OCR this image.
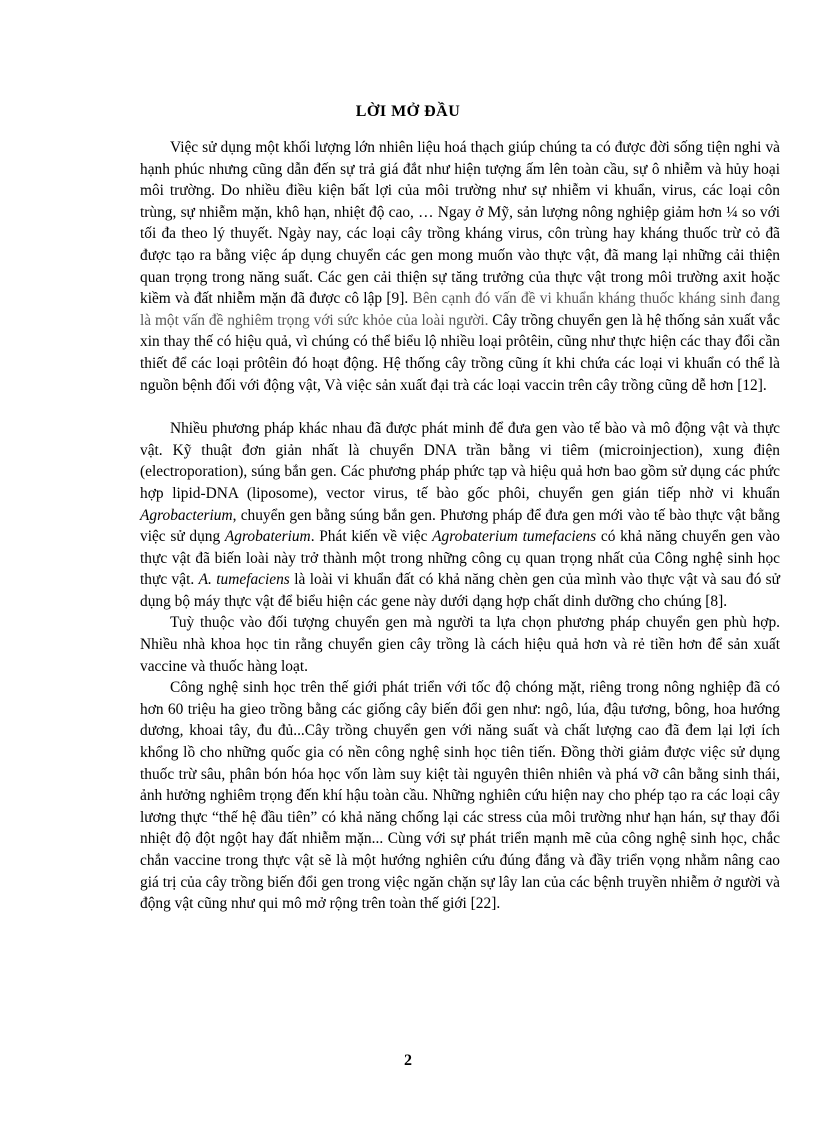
LỜI MỞ ĐẦU

Việc sử dụng một khối lượng lớn nhiên liệu hoá thạch giúp chúng ta có được đời sống tiện nghi và hạnh phúc nhưng cũng dẫn đến sự trả giá đắt như hiện tượng ấm lên toàn cầu, sự ô nhiễm và hủy hoại môi trường. Do nhiều điều kiện bất lợi của môi trường như sự nhiễm vi khuẩn, virus, các loại côn trùng, sự nhiễm mặn, khô hạn, nhiệt độ cao, … Ngay ở Mỹ, sản lượng nông nghiệp giảm hơn ¼ so với tối đa theo lý thuyết. Ngày nay, các loại cây trồng kháng virus, côn trùng hay kháng thuốc trừ cỏ đã được tạo ra bằng việc áp dụng chuyển các gen mong muốn vào thực vật, đã mang lại những cải thiện quan trọng trong năng suất. Các gen cải thiện sự tăng trưởng của thực vật trong môi trường axit hoặc kiềm và đất nhiễm mặn đã được cô lập [9]. Bên cạnh đó vấn đề vi khuẩn kháng thuốc kháng sinh đang là một vấn đề nghiêm trọng với sức khỏe của loài người. Cây trồng chuyển gen là hệ thống sản xuất vắc xin thay thế có hiệu quả, vì chúng có thể biểu lộ nhiều loại prôtêin, cũng như thực hiện các thay đổi cần thiết để các loại prôtêin đó hoạt động. Hệ thống cây trồng cũng ít khi chứa các loại vi khuẩn có thể là nguồn bệnh đối với động vật, Và việc sản xuất đại trà các loại vaccin trên cây trồng cũng dễ hơn [12].

Nhiều phương pháp khác nhau đã được phát minh để đưa gen vào tế bào và mô động vật và thực vật. Kỹ thuật đơn giản nhất là chuyển DNA trần bằng vi tiêm (microinjection), xung điện (electroporation), súng bắn gen. Các phương pháp phức tạp và hiệu quả hơn bao gồm sử dụng các phức hợp lipid-DNA (liposome), vector virus, tế bào gốc phôi, chuyển gen gián tiếp nhờ vi khuẩn Agrobacterium, chuyển gen bằng súng bắn gen. Phương pháp để đưa gen mới vào tế bào thực vật bằng việc sử dụng Agrobaterium. Phát kiến về việc Agrobaterium tumefaciens có khả năng chuyển gen vào thực vật đã biến loài này trở thành một trong những công cụ quan trọng nhất của Công nghệ sinh học thực vật. A. tumefaciens là loài vi khuẩn đất có khả năng chèn gen của mình vào thực vật và sau đó sử dụng bộ máy thực vật để biểu hiện các gene này dưới dạng hợp chất dinh dưỡng cho chúng [8].

Tuỳ thuộc vào đối tượng chuyển gen mà người ta lựa chọn phương pháp chuyển gen phù hợp. Nhiều nhà khoa học tin rằng chuyển gien cây trồng là cách hiệu quả hơn và rẻ tiền hơn để sản xuất vaccine và thuốc hàng loạt.

Công nghệ sinh học trên thế giới phát triển với tốc độ chóng mặt, riêng trong nông nghiệp đã có hơn 60 triệu ha gieo trồng bằng các giống cây biến đổi gen như: ngô, lúa, đậu tương, bông, hoa hướng dương, khoai tây, đu đủ...Cây trồng chuyển gen với năng suất và chất lượng cao đã đem lại lợi ích khổng lồ cho những quốc gia có nền công nghệ sinh học tiên tiến. Đồng thời giảm được việc sử dụng thuốc trừ sâu, phân bón hóa học vốn làm suy kiệt tài nguyên thiên nhiên và phá vỡ cân bằng sinh thái, ảnh hưởng nghiêm trọng đến khí hậu toàn cầu. Những nghiên cứu hiện nay cho phép tạo ra các loại cây lương thực “thế hệ đầu tiên” có khả năng chống lại các stress của môi trường như hạn hán, sự thay đổi nhiệt độ đột ngột hay đất nhiễm mặn... Cùng với sự phát triển mạnh mẽ của công nghệ sinh học, chắc chắn vaccine trong thực vật sẽ là một hướng nghiên cứu đúng đắng và đầy triển vọng nhằm nâng cao giá trị của cây trồng biến đổi gen trong việc ngăn chặn sự lây lan của các bệnh truyền nhiễm ở người và động vật cũng như qui mô mở rộng trên toàn thế giới [22].

2
